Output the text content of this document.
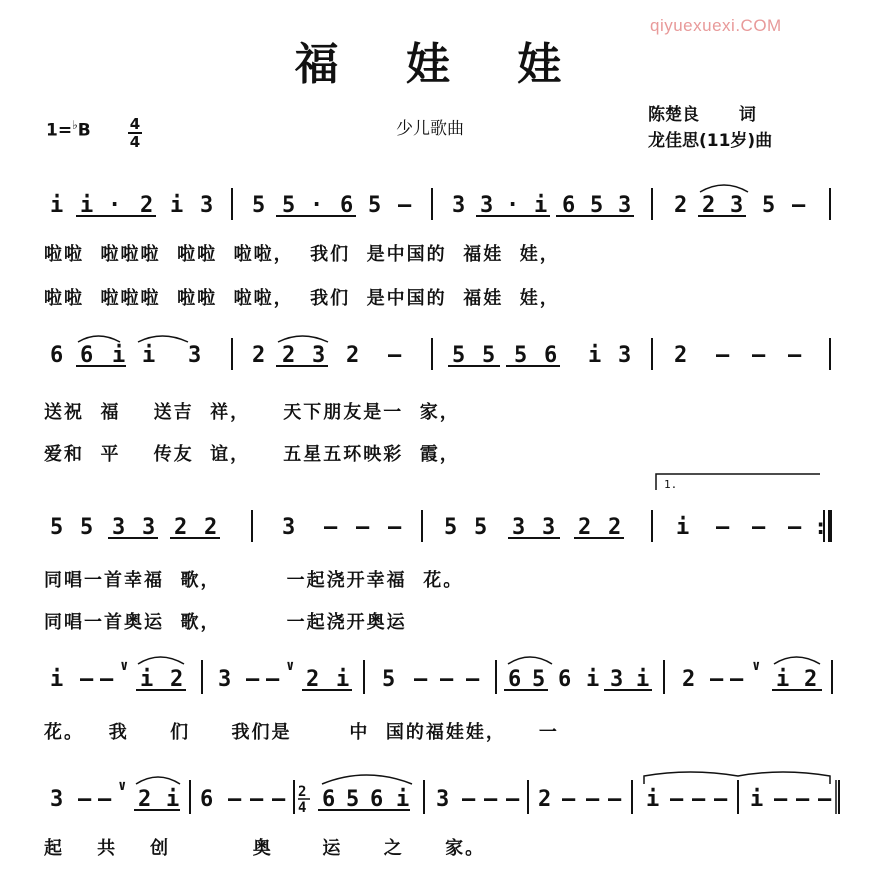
qiyuexuexi.COM
福 娃 娃
1=♭B	4
4
少儿歌曲
陈楚良　　 词
龙佳思(11岁)曲
i i · 2 i 3 5 5 · 6 5 – 3 3 · i 6 5 3 2 2 3 5 –
啦啦  啦啦啦  啦啦  啦啦，  我们  是中国的  福娃  娃，
啦啦  啦啦啦  啦啦  啦啦，  我们  是中国的  福娃  娃，
6 6 i i 3 2 2 3 2 – 5 5 5 6 i 3 2 – – –
送祝  福    送吉  祥，    天下朋友是一  家，
爱和  平    传友  谊，    五星五环映彩  霞，
1.
5 5 3 3 2 2	3 – – – 5 5 3 3 2 2 i – – – :
同唱一首幸福  歌，        一起浇开幸福  花。
同唱一首奥运  歌，        一起浇开奥运
i – –
∨
i 2 3 – –
∨
2 i 5 – – – 6 5 6 i 3 i 2 – –
∨
i 2
花。   我     们     我们是       中  国的福娃娃，    一
3 – –
∨
2 i 6 – – – 2
4 6 5 6 i 3 – – – 2 – – – i – – – i – – –
起    共    创          奥      运     之     家。
